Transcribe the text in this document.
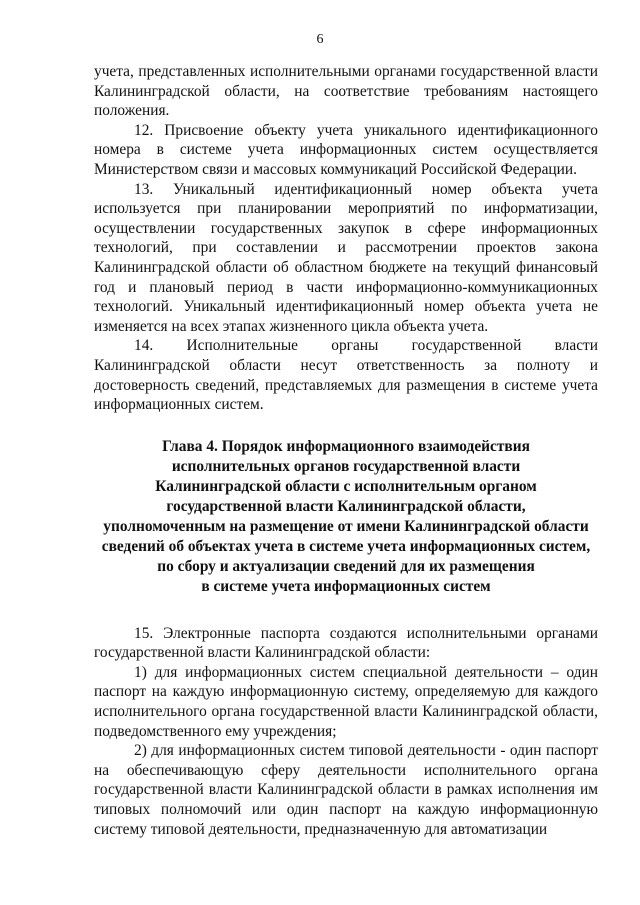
6

учета, представленных исполнительными органами государственной власти Калининградской области, на соответствие требованиям настоящего положения.

12. Присвоение объекту учета уникального идентификационного номера в системе учета информационных систем осуществляется Министерством связи и массовых коммуникаций Российской Федерации.

13. Уникальный идентификационный номер объекта учета используется при планировании мероприятий по информатизации, осуществлении государственных закупок в сфере информационных технологий, при составлении и рассмотрении проектов закона Калининградской области об областном бюджете на текущий финансовый год и плановый период в части информационно-коммуникационных технологий. Уникальный идентификационный номер объекта учета не изменяется на всех этапах жизненного цикла объекта учета.

14. Исполнительные органы государственной власти Калининградской области несут ответственность за полноту и достоверность сведений, представляемых для размещения в системе учета информационных систем.

Глава 4. Порядок информационного взаимодействия
исполнительных органов государственной власти
Калининградской области с исполнительным органом
государственной власти Калининградской области,
уполномоченным на размещение от имени Калининградской области
сведений об объектах учета в системе учета информационных систем,
по сбору и актуализации сведений для их размещения
в системе учета информационных систем

15. Электронные паспорта создаются исполнительными органами государственной власти Калининградской области:

1) для информационных систем специальной деятельности – один паспорт на каждую информационную систему, определяемую для каждого исполнительного органа государственной власти Калининградской области, подведомственного ему учреждения;

2) для информационных систем типовой деятельности - один паспорт на обеспечивающую сферу деятельности исполнительного органа государственной власти Калининградской области в рамках исполнения им типовых полномочий или один паспорт на каждую информационную систему типовой деятельности, предназначенную для автоматизации
